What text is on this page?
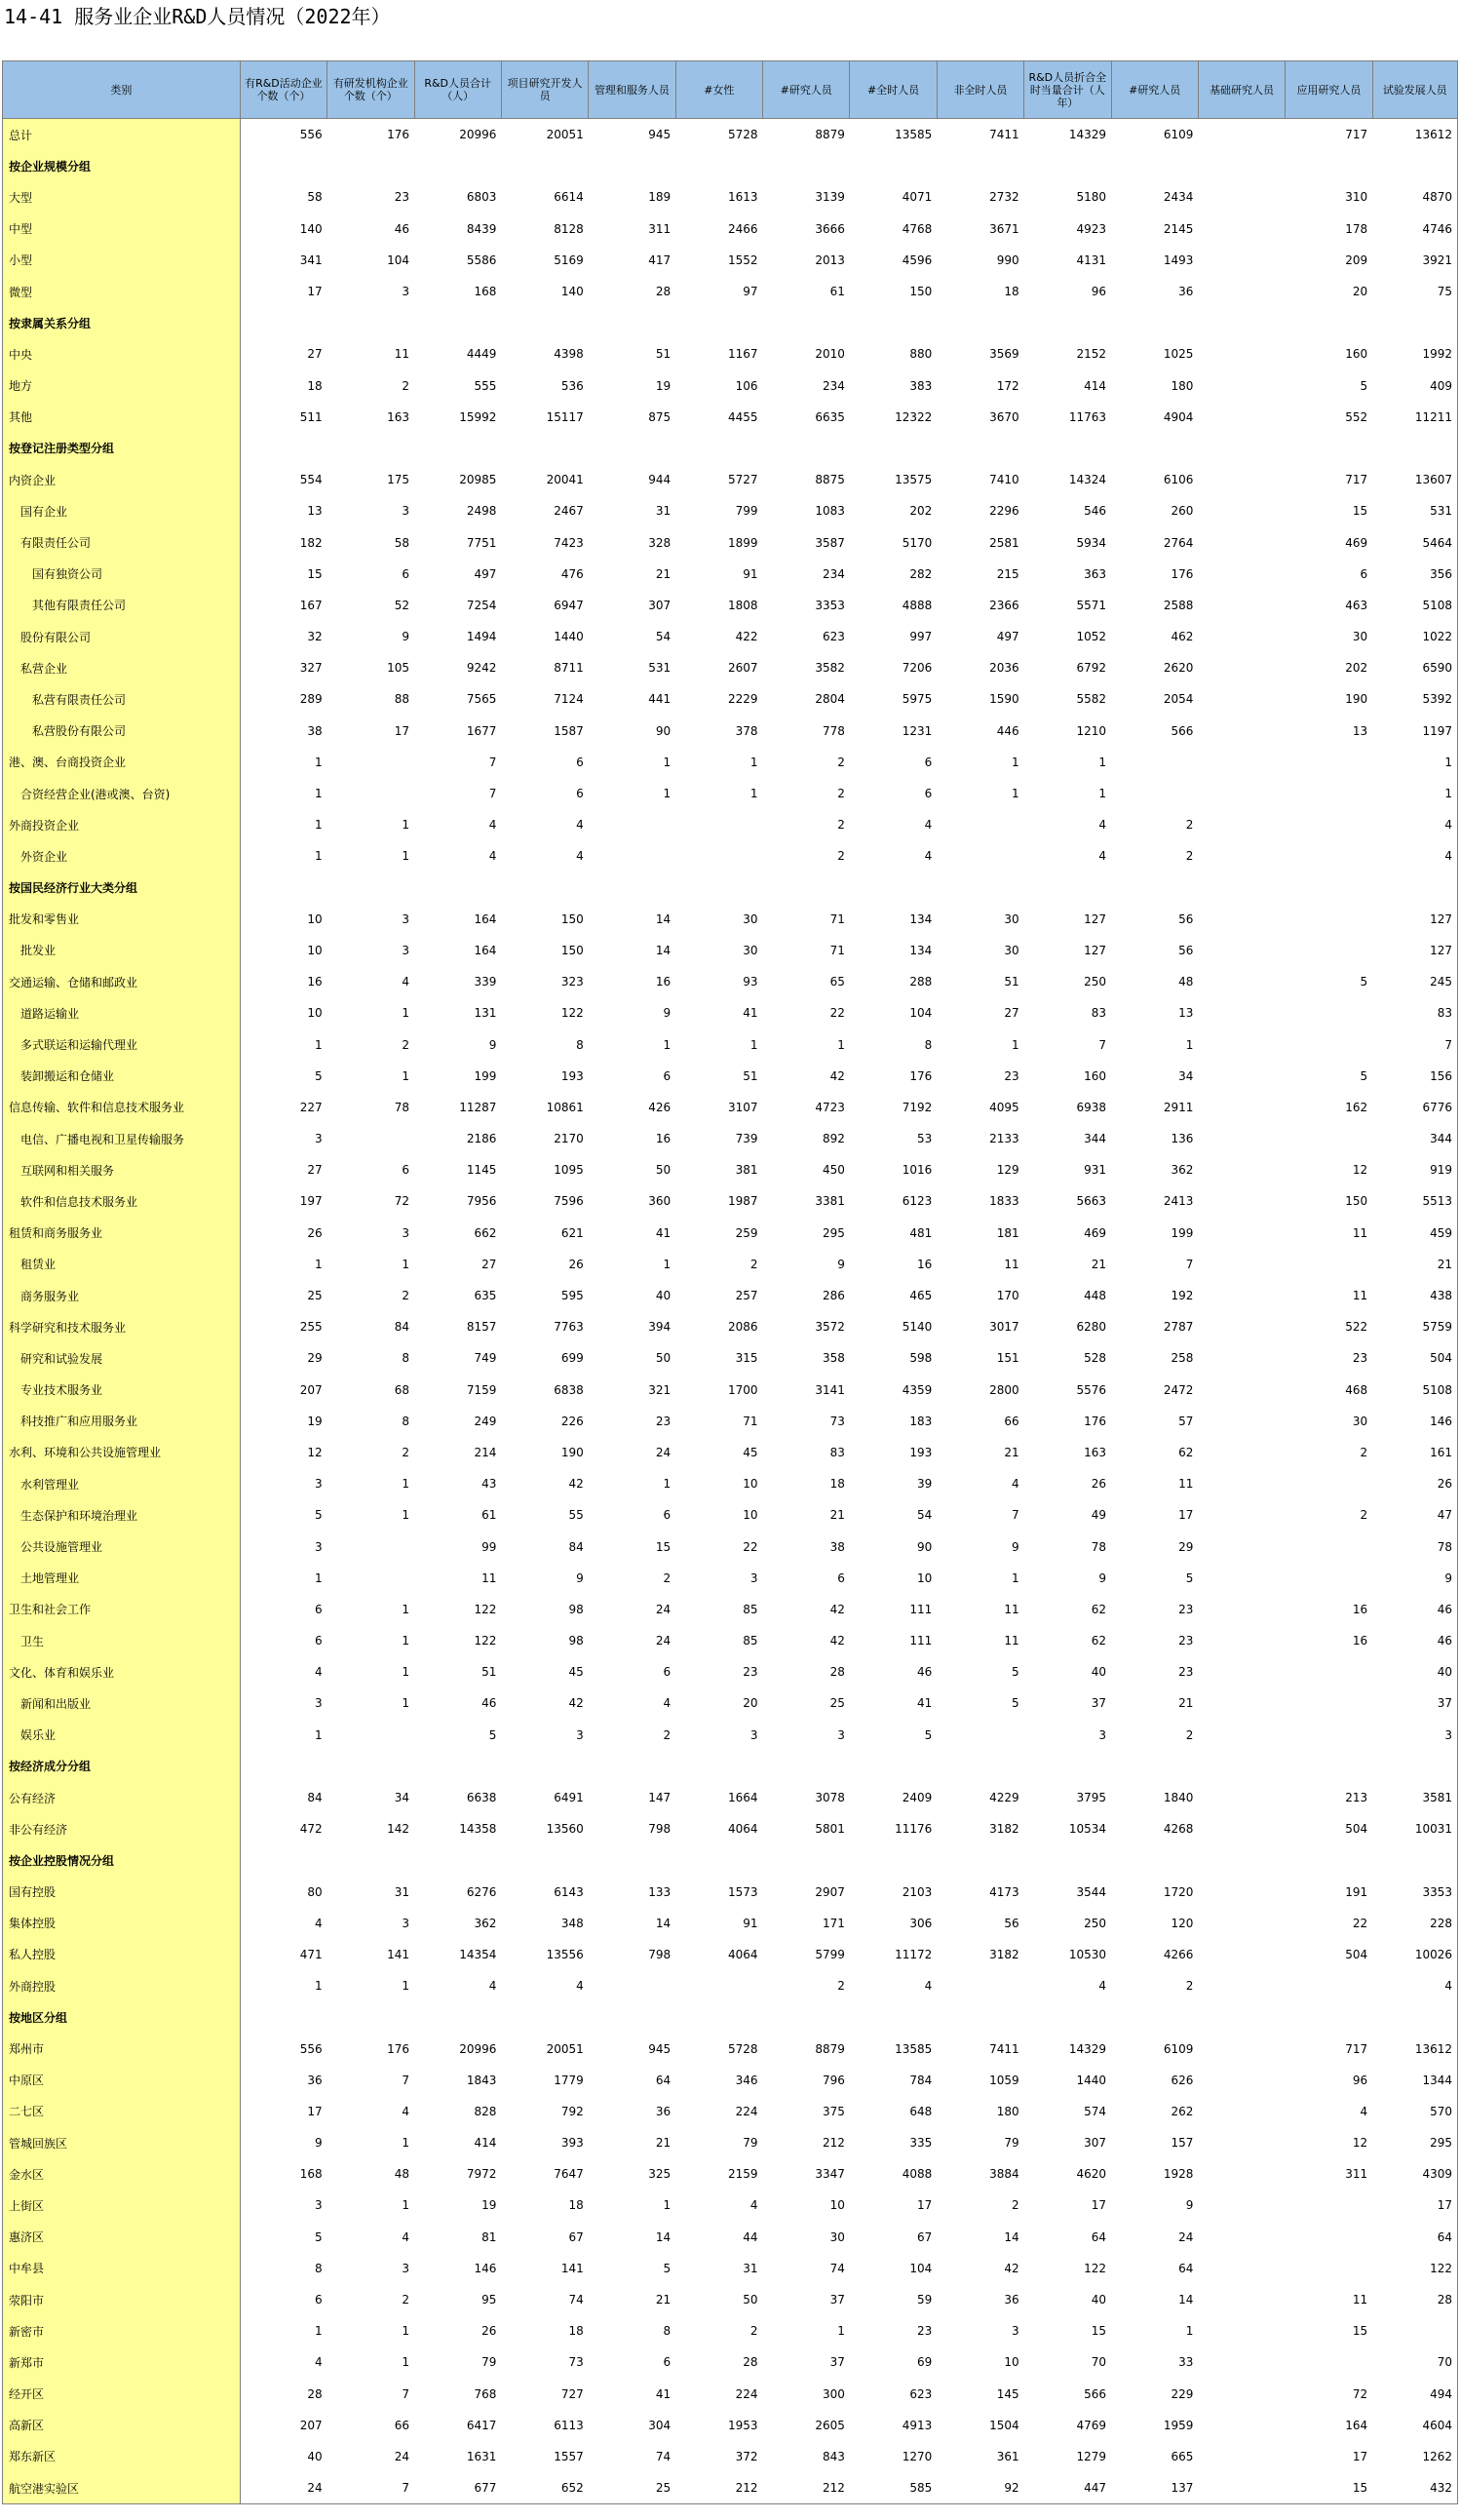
14-41 服务业企业R&D人员情况（2022年）
类别	有R&D活动企业个数（个）	有研发机构企业个数（个）	R&D人员合计（人）	项目研究开发人员	管理和服务人员	#女性	#研究人员	#全时人员	非全时人员	R&D人员折合全时当量合计（人年）	#研究人员	基础研究人员	应用研究人员	试验发展人员
总计	556	176	20996	20051	945	5728	8879	13585	7411	14329	6109		717	13612
按企业规模分组														
大型	58	23	6803	6614	189	1613	3139	4071	2732	5180	2434		310	4870
中型	140	46	8439	8128	311	2466	3666	4768	3671	4923	2145		178	4746
小型	341	104	5586	5169	417	1552	2013	4596	990	4131	1493		209	3921
微型	17	3	168	140	28	97	61	150	18	96	36		20	75
按隶属关系分组														
中央	27	11	4449	4398	51	1167	2010	880	3569	2152	1025		160	1992
地方	18	2	555	536	19	106	234	383	172	414	180		5	409
其他	511	163	15992	15117	875	4455	6635	12322	3670	11763	4904		552	11211
按登记注册类型分组														
内资企业	554	175	20985	20041	944	5727	8875	13575	7410	14324	6106		717	13607
国有企业	13	3	2498	2467	31	799	1083	202	2296	546	260		15	531
有限责任公司	182	58	7751	7423	328	1899	3587	5170	2581	5934	2764		469	5464
国有独资公司	15	6	497	476	21	91	234	282	215	363	176		6	356
其他有限责任公司	167	52	7254	6947	307	1808	3353	4888	2366	5571	2588		463	5108
股份有限公司	32	9	1494	1440	54	422	623	997	497	1052	462		30	1022
私营企业	327	105	9242	8711	531	2607	3582	7206	2036	6792	2620		202	6590
私营有限责任公司	289	88	7565	7124	441	2229	2804	5975	1590	5582	2054		190	5392
私营股份有限公司	38	17	1677	1587	90	378	778	1231	446	1210	566		13	1197
港、澳、台商投资企业	1		7	6	1	1	2	6	1	1				1
合资经营企业(港或澳、台资)	1		7	6	1	1	2	6	1	1				1
外商投资企业	1	1	4	4			2	4		4	2			4
外资企业	1	1	4	4			2	4		4	2			4
按国民经济行业大类分组														
批发和零售业	10	3	164	150	14	30	71	134	30	127	56			127
批发业	10	3	164	150	14	30	71	134	30	127	56			127
交通运输、仓储和邮政业	16	4	339	323	16	93	65	288	51	250	48		5	245
道路运输业	10	1	131	122	9	41	22	104	27	83	13			83
多式联运和运输代理业	1	2	9	8	1	1	1	8	1	7	1			7
装卸搬运和仓储业	5	1	199	193	6	51	42	176	23	160	34		5	156
信息传输、软件和信息技术服务业	227	78	11287	10861	426	3107	4723	7192	4095	6938	2911		162	6776
电信、广播电视和卫星传输服务	3		2186	2170	16	739	892	53	2133	344	136			344
互联网和相关服务	27	6	1145	1095	50	381	450	1016	129	931	362		12	919
软件和信息技术服务业	197	72	7956	7596	360	1987	3381	6123	1833	5663	2413		150	5513
租赁和商务服务业	26	3	662	621	41	259	295	481	181	469	199		11	459
租赁业	1	1	27	26	1	2	9	16	11	21	7			21
商务服务业	25	2	635	595	40	257	286	465	170	448	192		11	438
科学研究和技术服务业	255	84	8157	7763	394	2086	3572	5140	3017	6280	2787		522	5759
研究和试验发展	29	8	749	699	50	315	358	598	151	528	258		23	504
专业技术服务业	207	68	7159	6838	321	1700	3141	4359	2800	5576	2472		468	5108
科技推广和应用服务业	19	8	249	226	23	71	73	183	66	176	57		30	146
水利、环境和公共设施管理业	12	2	214	190	24	45	83	193	21	163	62		2	161
水利管理业	3	1	43	42	1	10	18	39	4	26	11			26
生态保护和环境治理业	5	1	61	55	6	10	21	54	7	49	17		2	47
公共设施管理业	3		99	84	15	22	38	90	9	78	29			78
土地管理业	1		11	9	2	3	6	10	1	9	5			9
卫生和社会工作	6	1	122	98	24	85	42	111	11	62	23		16	46
卫生	6	1	122	98	24	85	42	111	11	62	23		16	46
文化、体育和娱乐业	4	1	51	45	6	23	28	46	5	40	23			40
新闻和出版业	3	1	46	42	4	20	25	41	5	37	21			37
娱乐业	1		5	3	2	3	3	5		3	2			3
按经济成分分组														
公有经济	84	34	6638	6491	147	1664	3078	2409	4229	3795	1840		213	3581
非公有经济	472	142	14358	13560	798	4064	5801	11176	3182	10534	4268		504	10031
按企业控股情况分组														
国有控股	80	31	6276	6143	133	1573	2907	2103	4173	3544	1720		191	3353
集体控股	4	3	362	348	14	91	171	306	56	250	120		22	228
私人控股	471	141	14354	13556	798	4064	5799	11172	3182	10530	4266		504	10026
外商控股	1	1	4	4			2	4		4	2			4
按地区分组														
郑州市	556	176	20996	20051	945	5728	8879	13585	7411	14329	6109		717	13612
中原区	36	7	1843	1779	64	346	796	784	1059	1440	626		96	1344
二七区	17	4	828	792	36	224	375	648	180	574	262		4	570
管城回族区	9	1	414	393	21	79	212	335	79	307	157		12	295
金水区	168	48	7972	7647	325	2159	3347	4088	3884	4620	1928		311	4309
上街区	3	1	19	18	1	4	10	17	2	17	9			17
惠济区	5	4	81	67	14	44	30	67	14	64	24			64
中牟县	8	3	146	141	5	31	74	104	42	122	64			122
荥阳市	6	2	95	74	21	50	37	59	36	40	14		11	28
新密市	1	1	26	18	8	2	1	23	3	15	1		15	
新郑市	4	1	79	73	6	28	37	69	10	70	33			70
经开区	28	7	768	727	41	224	300	623	145	566	229		72	494
高新区	207	66	6417	6113	304	1953	2605	4913	1504	4769	1959		164	4604
郑东新区	40	24	1631	1557	74	372	843	1270	361	1279	665		17	1262
航空港实验区	24	7	677	652	25	212	212	585	92	447	137		15	432
